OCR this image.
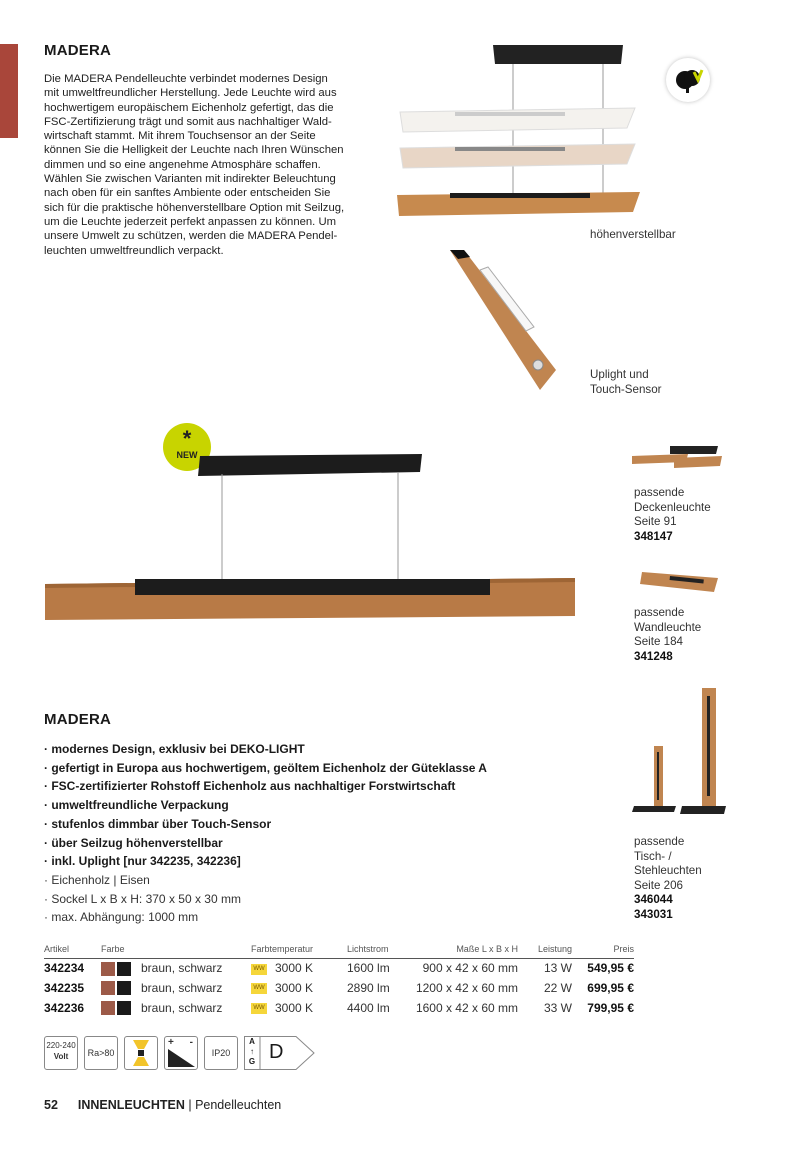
MADERA
Die MADERA Pendelleuchte verbindet modernes Design
mit umweltfreundlicher Herstellung. Jede Leuchte wird aus
hochwertigem europäischem Eichenholz gefertigt, das die
FSC-Zertifizierung trägt und somit aus nachhaltiger Wald-
wirtschaft stammt. Mit ihrem Touchsensor an der Seite
können Sie die Helligkeit der Leuchte nach Ihren Wünschen
dimmen und so eine angenehme Atmosphäre schaffen.
Wählen Sie zwischen Varianten mit indirekter Beleuchtung
nach oben für ein sanftes Ambiente oder entscheiden Sie
sich für die praktische höhenverstellbare Option mit Seilzug,
um die Leuchte jederzeit perfekt anpassen zu können. Um
unsere Umwelt zu schützen, werden die MADERA Pendel-
leuchten umweltfreundlich verpackt.
höhenverstellbar
Uplight und
Touch-Sensor
*
NEW
passende
Deckenleuchte
Seite 91
348147
passende
Wandleuchte
Seite 184
341248
passende
Tisch- /
Stehleuchten
Seite 206
346044
343031
MADERA
· modernes Design, exklusiv bei DEKO-LIGHT
· gefertigt in Europa aus hochwertigem, geöltem Eichenholz der Güteklasse A
· FSC-zertifizierter Rohstoff Eichenholz aus nachhaltiger Forstwirtschaft
· umweltfreundliche Verpackung
· stufenlos dimmbar über Touch-Sensor
· über Seilzug höhenverstellbar
· inkl. Uplight [nur 342235, 342236]
· Eichenholz | Eisen
· Sockel L x B x H: 370 x 50 x 30 mm
· max. Abhängung: 1000 mm
Artikel	Farbe	Farbtemperatur	Lichtstrom	Maße L x B x H	Leistung	Preis
342234	braun, schwarz	WW 3000 K	1600 lm	900 x 42 x 60 mm	13 W	549,95 €
342235	braun, schwarz	WW 3000 K	2890 lm	1200 x 42 x 60 mm	22 W	699,95 €
342236	braun, schwarz	WW 3000 K	4400 lm	1600 x 42 x 60 mm	33 W	799,95 €
220-240
Volt	Ra>80
+ -
IP20
A
↑
G D
52 INNENLEUCHTEN | Pendelleuchten
